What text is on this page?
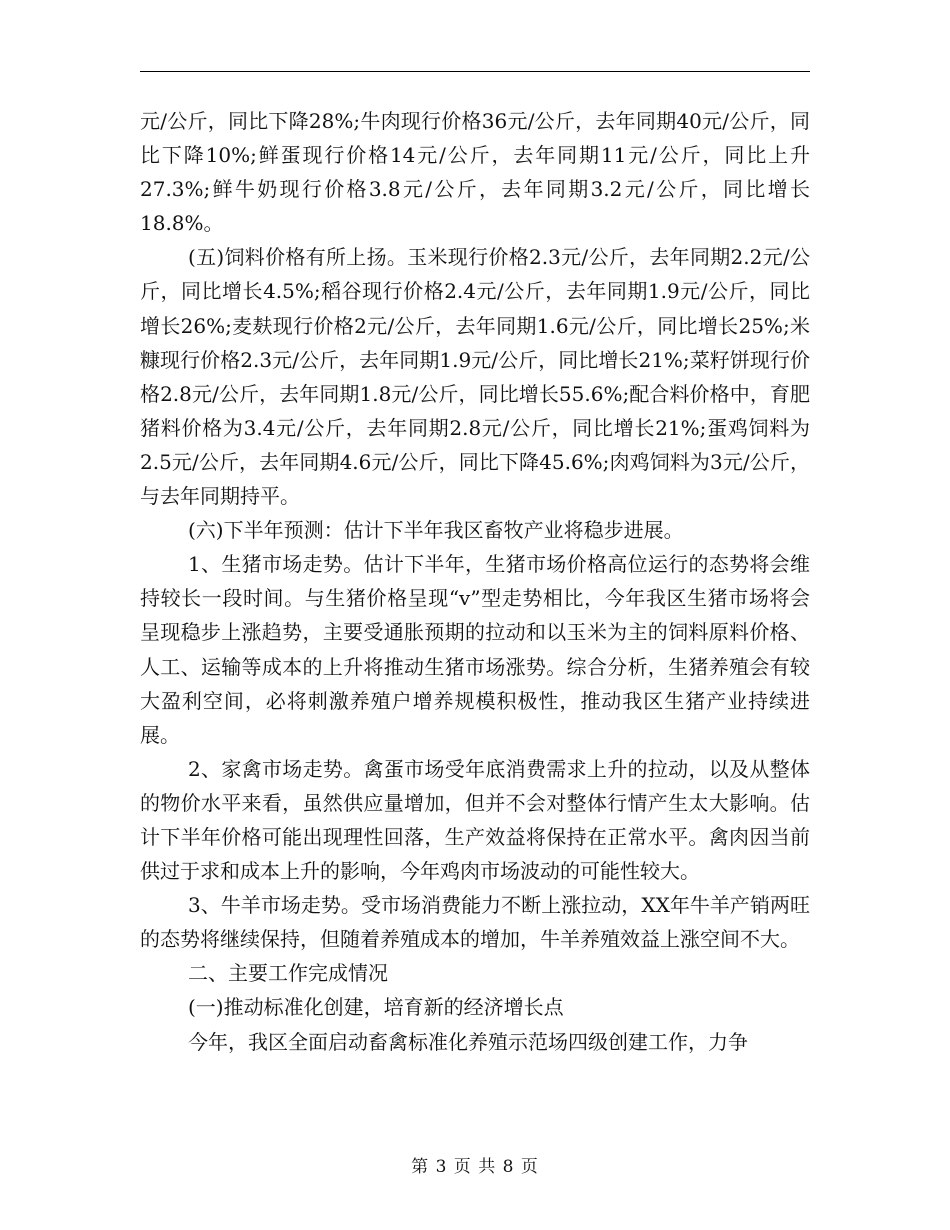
元/公斤，同比下降28%;牛肉现行价格36元/公斤，去年同期40元/公斤，同比下降10%;鲜蛋现行价格14元/公斤，去年同期11元/公斤，同比上升27.3%;鲜牛奶现行价格3.8元/公斤，去年同期3.2元/公斤，同比增长18.8%。

(五)饲料价格有所上扬。玉米现行价格2.3元/公斤，去年同期2.2元/公斤，同比增长4.5%;稻谷现行价格2.4元/公斤，去年同期1.9元/公斤，同比增长26%;麦麸现行价格2元/公斤，去年同期1.6元/公斤，同比增长25%;米糠现行价格2.3元/公斤，去年同期1.9元/公斤，同比增长21%;菜籽饼现行价格2.8元/公斤，去年同期1.8元/公斤，同比增长55.6%;配合料价格中，育肥猪料价格为3.4元/公斤，去年同期2.8元/公斤，同比增长21%;蛋鸡饲料为2.5元/公斤，去年同期4.6元/公斤，同比下降45.6%;肉鸡饲料为3元/公斤，与去年同期持平。

(六)下半年预测：估计下半年我区畜牧产业将稳步进展。

1、生猪市场走势。估计下半年，生猪市场价格高位运行的态势将会维持较长一段时间。与生猪价格呈现“v”型走势相比，今年我区生猪市场将会呈现稳步上涨趋势，主要受通胀预期的拉动和以玉米为主的饲料原料价格、人工、运输等成本的上升将推动生猪市场涨势。综合分析，生猪养殖会有较大盈利空间，必将刺激养殖户增养规模积极性，推动我区生猪产业持续进展。

2、家禽市场走势。禽蛋市场受年底消费需求上升的拉动，以及从整体的物价水平来看，虽然供应量增加，但并不会对整体行情产生太大影响。估计下半年价格可能出现理性回落，生产效益将保持在正常水平。禽肉因当前供过于求和成本上升的影响，今年鸡肉市场波动的可能性较大。

3、牛羊市场走势。受市场消费能力不断上涨拉动，XX年牛羊产销两旺的态势将继续保持，但随着养殖成本的增加，牛羊养殖效益上涨空间不大。

二、主要工作完成情况

(一)推动标准化创建，培育新的经济增长点

今年，我区全面启动畜禽标准化养殖示范场四级创建工作，力争

第 3 页 共 8 页
